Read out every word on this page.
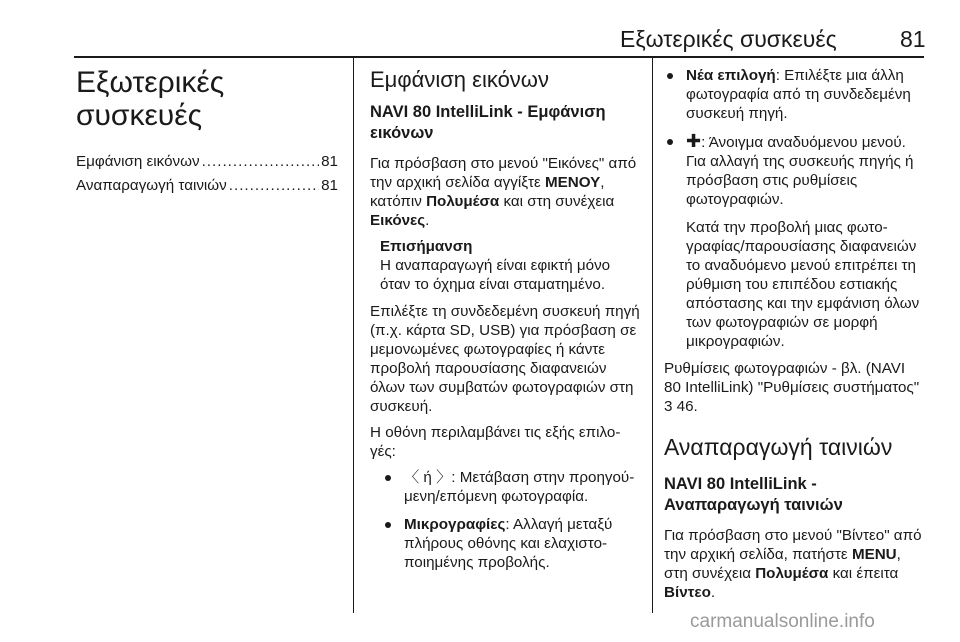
Εξωτερικές συσκευές	81
Εξωτερικές
συσκευές
Εμφάνιση εικόνων .....	81
Αναπαραγωγή ταινιών .....	81
Εμφάνιση εικόνων
NAVI 80 IntelliLink - Εμφάνιση εικόνων

Για πρόσβαση στο μενού "Εικόνες" από την αρχική σελίδα αγγίξτε ΜΕΝΟΥ, κατόπιν Πολυμέσα και στη συνέχεια Εικόνες.

Επισήμανση
Η αναπαραγωγή είναι εφικτή μόνο όταν το όχημα είναι σταματημένο.

Επιλέξτε τη συνδεδεμένη συσκευή πηγή (π.χ. κάρτα SD, USB) για πρόσβαση σε μεμονωμένες φωτογραφίες ή κάντε προβολή παρουσίασης διαφανειών όλων των συμβατών φωτογραφιών στη συσκευή.

Η οθόνη περιλαμβάνει τις εξής επιλογές:

〈 ή 〉: Μετάβαση στην προηγούμενη/επόμενη φωτογραφία.
Μικρογραφίες: Αλλαγή μεταξύ πλήρους οθόνης και ελαχιστοποιημένης προβολής.
Νέα επιλογή: Επιλέξτε μια άλλη φωτογραφία από τη συνδεδεμένη συσκευή πηγή.
✚: Άνοιγμα αναδυόμενου μενού. Για αλλαγή της συσκευής πηγής ή πρόσβαση στις ρυθμίσεις φωτογραφιών.

Κατά την προβολή μιας φωτογραφίας/παρουσίασης διαφανειών το αναδυόμενο μενού επιτρέπει τη ρύθμιση του επιπέδου εστιακής απόστασης και την εμφάνιση όλων των φωτογραφιών σε μορφή μικρογραφιών.

Ρυθμίσεις φωτογραφιών - βλ. (NAVI 80 IntelliLink) "Ρυθμίσεις συστήματος" 3 46.

Αναπαραγωγή ταινιών
NAVI 80 IntelliLink - Αναπαραγωγή ταινιών

Για πρόσβαση στο μενού "Βίντεο" από την αρχική σελίδα, πατήστε MENU, στη συνέχεια Πολυμέσα και έπειτα Βίντεο.

carmanualsonline.info
